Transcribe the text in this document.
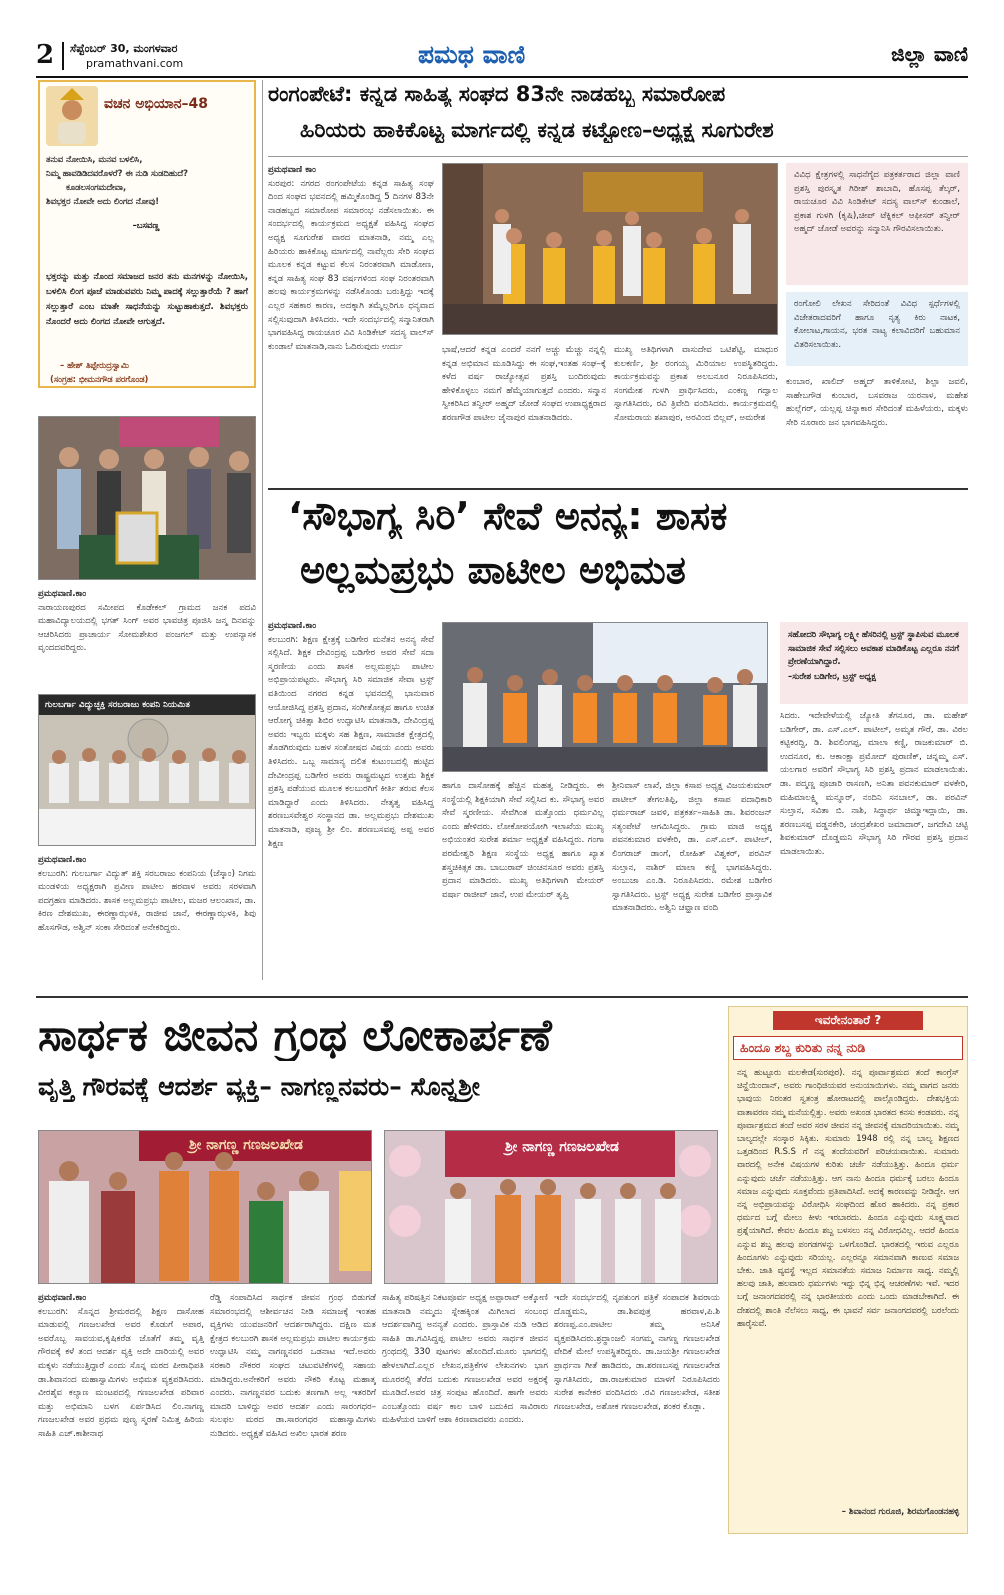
2 ಸೆಪ್ಟೆಂಬರ್ 30, ಮಂಗಳವಾರ
pramathvani.com	ಪಮಥ ವಾಣಿ	ಜಿಲ್ಲಾ ವಾಣಿ
ವಚನ ಅಭಿಯಾನ–48
ತನುವ ನೋಯಿಸಿ, ಮನವ ಬಳಲಿಸಿ,
ನಿಮ್ಮ ಹಾವಡಿಡಿದವರೊಳರೆ? ಈ ನುಡಿ ಸುಡದಿಹುದೆ?
ಕೂಡಲಸಂಗಮದೇವಾ,
ಶಿವಭಕ್ತರ ನೋವೇ ಅದು ಲಿಂಗದ ನೋವು!
–ಬಸವಣ್ಣ
ಭಕ್ತರನ್ನು ಮತ್ತು ನೊಂದ ಸಮಾಜದ ಜನರ ತನು ಮನಗಳನ್ನು ನೋಯಿಸಿ, ಬಳಲಿಸಿ ಲಿಂಗ ಪೂಜೆ ಮಾಡುವವರು ನಿಮ್ಮ ಪಾದಕ್ಕೆ ಸಲ್ಲುತ್ತಾರೆಯೆ ? ಹಾಗೆ ಸಲ್ಲುತ್ತಾರೆ ಎಂಬ ಮಾತೇ ಸಾಧನೆಯನ್ನು ಸುಟ್ಟುಹಾಕುತ್ತದೆ. ಶಿವಭಕ್ತರು ನೊಂದರೆ ಅದು ಲಿಂಗದ ನೋವೇ ಆಗುತ್ತದೆ.
– ಹೇಶ್ ತಿಪ್ಪೇರುದ್ರಸ್ವಾಮಿ
(ಸಂಗ್ರಹ: ಭೀಮನಗೌಡ ಪರಗೊಂಡ)
ರಂಗಂಪೇಟೆ: ಕನ್ನಡ ಸಾಹಿತ್ಯ ಸಂಘದ 83ನೇ ನಾಡಹಬ್ಬ ಸಮಾರೋಪ
ಹಿರಿಯರು ಹಾಕಿಕೊಟ್ಟ ಮಾರ್ಗದಲ್ಲಿ ಕನ್ನಡ ಕಟ್ಟೋಣ–ಅಧ್ಯಕ್ಷ ಸೂಗುರೇಶ
ಪ್ರಮಥವಾಣಿ ಕಾಂ
ಸುರಪುರ: ನಗರದ ರಂಗಂಪೇಟೆಯ ಕನ್ನಡ ಸಾಹಿತ್ಯ ಸಂಘ ದಿಂದ ಸಂಘದ ಭವನದಲ್ಲಿ ಹಮ್ಮಿಕೊಂಡಿದ್ದ 5 ದಿನಗಳ 83ನೇ ನಾಡಹಬ್ಬದ ಸಮಾರೋಪ ಸಮಾರಂಭ ನಡೆಸಲಾಯಿತು. ಈ ಸಂದರ್ಭದಲ್ಲಿ ಕಾರ್ಯಕ್ರಮದ ಅಧ್ಯಕ್ಷತೆ ವಹಿಸಿದ್ದ ಸಂಘದ ಅಧ್ಯಕ್ಷ ಸೂಗುರೇಶ ವಾರದ ಮಾತನಾಡಿ, ನಮ್ಮ ಎಲ್ಲ ಹಿರಿಯರು ಹಾಕಿಕೊಟ್ಟ ಮಾರ್ಗದಲ್ಲಿ ನಾವೆಲ್ಲರು ಸೇರಿ ಸಂಘದ ಮೂಲಕ ಕನ್ನಡ ಕಟ್ಟುವ ಕೆಲಸ ನಿರಂತರವಾಗಿ ಮಾಡೋಣ, ಕನ್ನಡ ಸಾಹಿತ್ಯ ಸಂಘ 83 ವರ್ಷಗಳಿಂದ ಸಂಘ ನಿರಂತರವಾಗಿ ಹಲವು ಕಾರ್ಯಕ್ರಮಗಳನ್ನು ನಡೆಸಿಕೊಂಡು ಬರುತ್ತಿದ್ದು ಇದಕ್ಕೆ ಎಲ್ಲರ ಸಹಕಾರ ಕಾರಣ, ಅದಕ್ಕಾಗಿ ತಮ್ಮೆಲ್ಲರಿಗೂ ಧನ್ಯವಾದ ಸಲ್ಲಿಸುವುದಾಗಿ ತಿಳಿಸಿದರು. ಇದೇ ಸಂದರ್ಭದಲ್ಲಿ ಸನ್ಮಾನಿತರಾಗಿ ಭಾಗವಹಿಸಿದ್ದ ರಾಯಚೂರ ವಿವಿ ಸಿಂಡಿಕೇಟ್ ಸದಸ್ಯ ವಾಲ್‌ಸ್ ಕುಂಡಾಲೆ ಮಾತನಾಡಿ,ನಾನು ಓದಿರುವುದು ಉರ್ದು	ಭಾಷೆ,ಆದರೆ ಕನ್ನಡ ಎಂದರೆ ನನಗೆ ಅಚ್ಚು ಮೆಚ್ಚು ನನ್ನಲ್ಲಿ ಕನ್ನಡ ಅಭಿಮಾನ ಮೂಡಿಸಿದ್ದು ಈ ಸಂಘ,ಇಂತಹ ಸಂಘ–ಕ್ಕೆ ಕಳೆದ ವರ್ಷ ರಾಜ್ಯೋತ್ಸವ ಪ್ರಶಸ್ತಿ ಬಂದಿರುವುದು ಹೇಳಿಕೊಳ್ಳಲು ನಮಗೆ ಹೆಮ್ಮೆಯಾಗುತ್ತದೆ ಎಂದರು. ಸನ್ಮಾನ ಸ್ವೀಕರಿಸಿದ ತನ್ವೀರ್ ಅಹ್ಮದ್ ಜೋಡೆ ಸಂಘದ ಉಪಾಧ್ಯಕ್ಷರಾದ ಶರಣಗೌಡ ಪಾಟೀಲ ಜೈನಾಪುರ ಮಾತನಾಡಿದರು.
ಮುಖ್ಯ ಅತಿಥಿಗಳಾಗಿ ವಾಸುದೇವ ಒಟಿಶೆಟ್ಟಿ, ಮಾಧುರ ಕುಲಕರ್ಣಿ, ಶ್ರೀ ರಂಗಯ್ಯ ಮಿರಿಯಾಲ ಉಪಸ್ಥಿತರಿದ್ದರು. ಕಾರ್ಯಕ್ರಮವನ್ನು ಪ್ರಕಾಶ ಅಲಬನೂರ ನಿರೂಪಿಸಿದರು, ಸಂಗಮೇಶ ಗುಳಗಿ ಪ್ರಾರ್ಥಿಸಿದರು, ಎಂಕಣ್ಣ ಗದ್ವಾಲ ಸ್ವಾಗತಿಸಿದರು, ರವಿ ತ್ರಿವೇದಿ ವಂದಿಸಿದರು. ಕಾರ್ಯಕ್ರಮದಲ್ಲಿ ಸೋಮರಾಯ ಶಖಾಪುರ, ಅರವಿಂದ ಬಿಲ್ಲವ್, ಅಮರೇಶ
ವಿವಿಧ ಕ್ಷೇತ್ರಗಳಲ್ಲಿ ಸಾಧನೆಗೈದ ಪತ್ರಕರ್ತರಾದ ಜಿಲ್ಲಾ ವಾಣಿ ಪ್ರಶಸ್ತಿ ಪುರಸ್ಕೃತ ಗಿರೀಶ್ ಶಾಬಾದಿ, ಹೊಸಪ್ಪ ತೆಲ್ಕರ್, ರಾಯಚೂರ ವಿವಿ ಸಿಂಡಿಕೇಟ್ ಸದಸ್ಯ ವಾಲ್‌ಸ್ ಕುಂಡಾಲೆ, ಪ್ರಕಾಶ ಗುಳಗಿ (ಕೃಷಿ),ಚೀಪ್ ಟೆಕ್ನಿಕಲ್ ಆಫೀಸರ್ ತನ್ವೀರ್ ಅಹ್ಮದ್ ಜೋಡೆ ಅವರನ್ನು ಸನ್ಮಾನಿಸಿ ಗೌರವಿಸಲಾಯಿತು.
ರಂಗೋಲಿ ಲೇಖನ ಸೇರಿದಂತೆ ವಿವಿಧ ಸ್ಪರ್ಧೆಗಳಲ್ಲಿ ವಿಜೇತರಾದವರಿಗೆ ಹಾಗೂ ನೃತ್ಯ ಕಿರು ನಾಟಕ, ಕೋಲಾಟ,ಗಾಯನ, ಭರತ ನಾಟ್ಯ ಕಲಾವಿದರಿಗೆ ಬಹುಮಾನ ವಿತರಿಸಲಾಯಿತು.
ಕುಂಬಾರ, ಖಾಲಿದ್ ಅಹ್ಮದ್ ತಾಳಿಕೋಟಿ, ಶಿಲ್ಪಾ ಜವಲಿ, ಸಾಹೇಬಗೌಡ ಕುಂಬಾರ, ಬಸವರಾಜ ಯರನಾಳ, ಮಹೇಶ ಹುಲ್ಲೆಗರ್, ಯಲ್ಲಪ್ಪ ಚಿನ್ನಾಕಾರ ಸೇರಿದಂತೆ ಮಹಿಳೆಯರು, ಮಕ್ಕಳು ಸೇರಿ ನೂರಾರು ಜನ ಭಾಗವಹಿಸಿದ್ದರು.
ಪ್ರಮಥವಾಣಿ.ಕಾಂ
ನಾರಾಯಣಪುರದ ಸಮೀಪದ ಕೊಡೇಕಲ್ ಗ್ರಾಮದ ಜನಕ ಪದವಿ ಮಹಾವಿದ್ಯಾಲಯದಲ್ಲಿ ಭಗತ್ ಸಿಂಗ್ ಅವರ ಭಾವಚಿತ್ರ ಪೂಜಿಸಿ ಜನ್ಮ ದಿನವನ್ನು ಆಚರಿಸಿದರು ಪ್ರಾಚಾರ್ಯ ಸೋಮಶೇಖರ ಪಂಜಗಲ್ ಮತ್ತು ಉಪನ್ಯಾಸಕ ವೃಂದದವರಿದ್ದರು.
ಗುಲಬರ್ಗಾ ವಿದ್ಯುಚ್ಛಕ್ತಿ ಸರಬರಾಜು ಕಂಪನಿ ನಿಯಮಿತ
ಪ್ರಮಥವಾಣಿ.ಕಾಂ
ಕಲಬುರಗಿ: ಗುಲಬರ್ಗಾ ವಿದ್ಯುತ್ ಶಕ್ತಿ ಸರಬರಾಜು ಕಂಪನಿಯ (ಜೆಸ್ಕಾಂ) ನಿಗಮ ಮಂಡಳಿಯ ಅಧ್ಯಕ್ಷರಾಗಿ ಪ್ರವೀಣ ಪಾಟೀಲ ಹರವಾಳ ಅವರು ಸರಳವಾಗಿ ಪದಗ್ರಹಣ ಮಾಡಿದರು. ಶಾಸಕ ಅಲ್ಲಮಪ್ರಭು ಪಾಟೀಲ, ಮಜರ ಆಲಂಖಾನ, ಡಾ. ಕಿರಣ ದೇಶಮುಖ, ಈರಣ್ಣಾಝಳಕಿ, ರಾಜೀವ ಜಾನೆ, ಈರಣ್ಣಾಝಳಕಿ, ಶಿವು ಹೊಸಗೌಡ, ಅಶ್ವಿನ್ ಸಂಕಾ ಸೇರಿದಂತೆ ಅನೇಕರಿದ್ದರು.
‘ಸೌಭಾಗ್ಯ ಸಿರಿ’ ಸೇವೆ ಅನನ್ಯ: ಶಾಸಕ
ಅಲ್ಲಮಪ್ರಭು ಪಾಟೀಲ ಅಭಿಮತ
ಪ್ರಮಥವಾಣಿ.ಕಾಂ
ಕಲಬುರಗಿ: ಶಿಕ್ಷಣ ಕ್ಷೇತ್ರಕ್ಕೆ ಬಡಿಗೇರ ಮನೆತನ ಅನನ್ಯ ಸೇವೆ ಸಲ್ಲಿಸಿದೆ. ಶಿಕ್ಷಕ ದೇವಿಂದ್ರಪ್ಪ ಬಡಿಗೇರ ಅವರ ಸೇವೆ ಸದಾ ಸ್ಮರಣೀಯ ಎಂದು ಶಾಸಕ ಅಲ್ಲಮಪ್ರಭು ಪಾಟೀಲ ಅಭಿಪ್ರಾಯಪಟ್ಟರು. ಸೌಭಾಗ್ಯ ಸಿರಿ ಸಮಾಜಿಕ ಸೇವಾ ಟ್ರಸ್ಟ್ ವತಿಯಿಂದ ನಗರದ ಕನ್ನಡ ಭವನದಲ್ಲಿ ಭಾನುವಾರ ಆಯೋಜಿಸಿದ್ದ ಪ್ರಶಸ್ತಿ ಪ್ರದಾನ, ಸಂಗೀತೋತ್ಸವ ಹಾಗೂ ಉಚಿತ ಆರೋಗ್ಯ ಚಿಕಿತ್ಸಾ ಶಿಬಿರ ಉದ್ಘಾಟಿಸಿ ಮಾತನಾಡಿ, ದೇವಿಂದ್ರಪ್ಪ ಅವರು ಇಬ್ಬರು ಮಕ್ಕಳು ಸಹ ಶಿಕ್ಷಣ, ಸಾಮಾಜಿಕ ಕ್ಷೇತ್ರದಲ್ಲಿ ತೊಡಗಿರುವುದು ಬಹಳ ಸಂತೋಷದ ವಿಷಯ ಎಂದು ಅವರು ತಿಳಿಸಿದರು. ಒಬ್ಬ ಸಾಮಾನ್ಯ ದಲಿತ ಕುಟುಂಬದಲ್ಲಿ ಹುಟ್ಟಿದ ದೇವೀಂದ್ರಪ್ಪ ಬಡಿಗೇರ ಅವರು ರಾಷ್ಟ್ರಮಟ್ಟದ ಉತ್ತಮ ಶಿಕ್ಷಕ ಪ್ರಶಸ್ತಿ ಪಡೆಯುವ ಮೂಲಕ ಕಲಬುರಗಿಗೆ ಕೀರ್ತಿ ತರುವ ಕೆಲಸ ಮಾಡಿದ್ದಾರೆ ಎಂದು ತಿಳಿಸಿದರು. ನೇತೃತ್ವ ವಹಿಸಿದ್ದ ಶರಣಬಸವೇಶ್ವರ ಸಂಸ್ಥಾನದ ಡಾ. ಅಲ್ಲಮಪ್ರಭು ದೇಶಮುಖ ಮಾತನಾಡಿ, ಪೂಜ್ಯ ಶ್ರೀ ಲಿಂ. ಶರಣಬಸವಪ್ಪ ಅಪ್ಪ ಅವರ ಶಿಕ್ಷಣ
ಹಾಗೂ ದಾಸೋಹಕ್ಕೆ ಹೆಚ್ಚಿನ ಮಹತ್ವ ನೀಡಿದ್ದರು. ಈ ಸಂಸ್ಥೆಯಲ್ಲಿ ಶಿಕ್ಷಕಿಯಾಗಿ ಸೇವೆ ಸಲ್ಲಿಸಿದ ಕು. ಸೌಭಾಗ್ಯ ಅವರ ಸೇವೆ ಸ್ಮರಣೀಯ. ಸೇವೆಗಿಂತ ಮತ್ತೊಂದು ಧರ್ಮವಿಲ್ಲ ಎಂದು ಹೇಳಿದರು. ಲೋಕೋಪಯೋಗಿ ಇಲಾಖೆಯ ಮುಖ್ಯ ಅಭಿಯಂತರ ಸುರೇಶ ಶರ್ಮಾ ಅಧ್ಯಕ್ಷತೆ ವಹಿಸಿದ್ದರು. ಗಂಗಾ ಪರಮೇಶ್ವರಿ ಶಿಕ್ಷಣ ಸಂಸ್ಥೆಯ ಅಧ್ಯಕ್ಷ ಹಾಗೂ ಖ್ಯಾತ ಶಸ್ತ್ರಚಿಕಿತ್ಸಕ ಡಾ. ಬಾಬುರಾವ್ ಚಿಂಚನಸೂರ ಅವರು ಪ್ರಶಸ್ತಿ ಪ್ರದಾನ ಮಾಡಿದರು. ಮುಖ್ಯ ಅತಿಥಿಗಳಾಗಿ ಮೇಯರ್ ವರ್ಷಾ ರಾಜೀವ್ ಜಾನೆ, ಉಪ ಮೇಯರ್ ತೃಪ್ತಿ
ಶ್ರೀನಿವಾಸ್ ಲಾಖೆ, ಜಿಲ್ಲಾ ಕಸಾಪ ಅಧ್ಯಕ್ಷ ವಿಜಯಕುಮಾರ್ ಪಾಟೀಲ್ ತೇಗಲತಿಪ್ಪಿ, ಜಿಲ್ಲಾ ಕಸಾಪ ಪದಾಧಿಕಾರಿ ಧರ್ಮರಾಜ್ ಜವಳಿ, ಪತ್ರಕರ್ತ–ಸಾಹಿತಿ ಡಾ. ಶಿವರಂಜನ್ ಸತ್ಯಂಪೇಟೆ ಆಗಮಿಸಿದ್ದರು. ಗ್ರಾಮ ಮಾಜಿ ಅಧ್ಯಕ್ಷ ಪವನಕುಮಾರ ವಳಕೇರಿ, ಡಾ. ಎಸ್.ಎಲ್. ಪಾಟೀಲ್, ಲಿಂಗರಾಜ್ ಡಾಂಗೆ, ರೋಹಿತ್ ವಿಶ್ವಕರ್, ಪರವಿನ್ ಸುಲ್ತಾನ, ನಾಶಿರ್ ಮಾಲಾ ಕಣ್ಣಿ ಭಾಗವಹಿಸಿದ್ದರು. ಅಂಬುಜಾ ಎಂ.ಡಿ. ನಿರೂಪಿಸಿದರು. ರಮೇಶ ಬಡಿಗೇರ ಸ್ವಾಗತಿಸಿದರು. ಟ್ರಸ್ಟ್ ಅಧ್ಯಕ್ಷ ಸುರೇಶ ಬಡಿಗೇರ ಪ್ರಾಸ್ತಾವಿಕ ಮಾತನಾಡಿದರು. ಅಶ್ವಿನಿ ಚವ್ಹಾಣ ವಂದಿ
ಸಹೋದರಿ ಸೌಭಾಗ್ಯ ಲಕ್ಷ್ಮೀ ಹೆಸರಿನಲ್ಲಿ ಟ್ರಸ್ಟ್ ಸ್ಥಾಪಿಸುವ ಮೂಲಕ ಸಾಮಾಜಿಕ ಸೇವೆ ಸಲ್ಲಿಸಲು ಅವಕಾಶ ಮಾಡಿಕೊಟ್ಟ ಎಲ್ಲರೂ ನನಗೆ ಪ್ರೇರಣೆಯಾಗಿದ್ದಾರೆ.
–ಸುರೇಶ ಬಡಿಗೇರ, ಟ್ರಸ್ಟ್ ಅಧ್ಯಕ್ಷ
ಸಿದರು. ಇದೇವೇಳೆಯಲ್ಲಿ ಜ್ಯೋತಿ ತೆಗನೂರ, ಡಾ. ಮಹೇಶ್ ಬಡಿಗೇರ್, ಡಾ. ಎಸ್.ಎಲ್. ಪಾಟೀಲ್, ಅಮೃತ ಗೌರೆ, ಡಾ. ವಿಠಲ ಕಟ್ಟಿಕರದ್ದಿ, ಡಿ. ಶಿವಲಿಂಗಪ್ಪ, ಮಾಲಾ ಕಣ್ಣಿ, ರಾಜಕುಮಾರ್ ಬಿ. ಉದನೂರ, ಕು. ಆಕಾಂಕ್ಷಾ ಪ್ರಮೋದ್ ಪುರಾಣಿಕ್, ಚನ್ನಮ್ಮ ಎಸ್. ಯಲಗಾರ ಅವರಿಗೆ ಸೌಭಾಗ್ಯ ಸಿರಿ ಪ್ರಶಸ್ತಿ ಪ್ರದಾನ ಮಾಡಲಾಯಿತು. ಡಾ. ಪದ್ಮಣ್ಣ ಪೂಜಾರಿ ರಾಸಣಗಿ, ಅನಿತಾ ಪವನಕುಮಾರ್ ವಳಕೇರಿ, ಮಹಿಮಾಲಕ್ಷ್ಮಿ ಮನ್ನೂರ್, ನಂದಿನಿ ಸನಬಾಲ್, ಡಾ. ಪರವಿನ್ ಸುಲ್ತಾನ, ಸವಿತಾ ಬಿ. ನಾಶಿ, ಸಿದ್ಧಾರ್ಥ ಚಿಮ್ಮಾಇದ್ಲಾಯಿ, ಡಾ. ಶರಣಬಸಪ್ಪ ವಡ್ಡನಕೇರಿ, ಚಂದ್ರಶೇಖರ ಜಮಾದಾರ್, ಜಗದೇವಿ ಚಟ್ಟಿ ಶಿವಕುಮಾರ್ ದೊಡ್ಡಮನಿ ಸೌಭಾಗ್ಯ ಸಿರಿ ಗೌರವ ಪ್ರಶಸ್ತಿ ಪ್ರದಾನ ಮಾಡಲಾಯಿತು.
ಸಾರ್ಥಕ ಜೀವನ ಗ್ರಂಥ ಲೋಕಾರ್ಪಣೆ
ವೃತ್ತಿ ಗೌರವಕ್ಕೆ ಆದರ್ಶ ವ್ಯಕ್ತಿ– ನಾಗಣ್ಣನವರು– ಸೊನ್ನಶ್ರೀ
ಶ್ರೀ ನಾಗಣ್ಣ ಗಣಜಲಖೇಡ	ಶ್ರೀ ನಾಗಣ್ಣ ಗಣಜಲಖೇಡ
ಪ್ರಮಥವಾಣಿ.ಕಾಂ
ಕಲಬುರಗಿ: ಸೊನ್ನದ ಶ್ರೀಮಠದಲ್ಲಿ ಶಿಕ್ಷಣ ದಾಸೋಹ ಮಾಡುವಲ್ಲಿ ಗಣಜಲಖೇಡ ಅವರ ಕೊಡುಗೆ ಅಪಾರ, ಅವರೊಬ್ಬ ಸಾವಯವ,ಕೃಷಿಕರೆಡ ಜೊತೆಗೆ ತಮ್ಮ ವೃತ್ತಿ ಗೌರವಕ್ಕೆ ಕಳೆ ತಂದ ಆದರ್ಶ ವ್ಯಕ್ತಿ ಅದೇ ದಾರಿಯಲ್ಲಿ ಅವರ ಮಕ್ಕಳು ನಡೆಯುತ್ತಿದ್ದಾರೆ ಎಂದು ಸೊನ್ನ ಮಠದ ಪೀಠಾಧಿಪತಿ ಡಾ.ಶಿವಾನಂದ ಮಹಾಸ್ವಾಮಿಗಳು ಅಭಿಮತ ವ್ಯಕ್ತಪಡಿಸಿದರು. ವೀರಶೈವ ಕಲ್ಯಾಣ ಮಂಟಪದಲ್ಲಿ ಗಣಜಲಖೇಡ ಪರಿವಾರ ಮತ್ತು ಅಭಿಮಾನಿ ಬಳಗ ಏರ್ಪಡಿಸಿದ ಲಿಂ.ನಾಗಣ್ಣ ಗಣಜಲಖೇಡ ಅವರ ಪ್ರಥಮ ಪುಣ್ಯ ಸ್ಮರಣೆ ನಿಮಿತ್ತ ಹಿರಿಯ ಸಾಹಿತಿ ಎಚ್.ಕಾಶೀನಾಥ
ರೆಡ್ಡಿ ಸಂಪಾದಿಸಿದ ಸಾರ್ಥಕ ಜೀವನ ಗ್ರಂಥ ಬಿಡುಗಡೆ ಸಮಾರಂಭದಲ್ಲಿ ಆಶೀರ್ವಚನ ನೀಡಿ ಸಮಾಜಕ್ಕೆ ಇಂತಹ ವ್ಯಕ್ತಿಗಳು ಯುವಜನರಿಗೆ ಆದರ್ಶರಾಗಿದ್ದರು. ದಕ್ಷಿಣ ಮತ ಕ್ಷೇತ್ರದ ಕಲಬುರಗಿ ಶಾಸಕ ಅಲ್ಲಮಪ್ರಭು ಪಾಟೀಲ ಕಾರ್ಯಕ್ರಮ ಉದ್ಘಾಟಿಸಿ ನಮ್ಮ ನಾಗಣ್ಣನವರ ಒಡನಾಟ ಇದೆ.ಅವರು ಸರಕಾರಿ ನೌಕರರ ಸಂಘದ ಚಟುವಟಿಕೆಗಳಲ್ಲಿ ಸಹಾಯ ಮಾಡಿದ್ದರು.ಅನೇಕರಿಗೆ ಅವರು ನೌಕರಿ ಕೊಟ್ಟ ಮಹಾತ್ಮ ಎಂದರು. ನಾಗಣ್ಣನವರ ಬದುಕು ತಣಗಾಗಿ ಅಲ್ಲ ಇತರರಿಗೆ ಮಾದರಿ ಬಾಳಿದ್ದು ಅವರ ಆದರ್ಶ ಎಂದು ಸಾರಂಗಧರ– ಸುಲಫಲ ಮಠದ ಡಾ.ಸಾರಂಗಧರ ಮಹಾಸ್ವಾಮಿಗಳು ನುಡಿದರು. ಅಧ್ಯಕ್ಷತೆ ವಹಿಸಿದ ಅಖಿಲ ಭಾರತ ಶರಣ
ಸಾಹಿತ್ಯ ಪರಿಷತ್ತಿನ ನಿಕಟಪೂರ್ವ ಅಧ್ಯಕ್ಷ ಅಪ್ಪಾರಾವ್ ಅಕ್ಕೋಣಿ ಮಾತನಾಡಿ ನಮ್ಮದು ಸ್ನೇಹಕ್ಕಿಂತ ಮಿಗಿಲಾದ ಸಂಬಂಧ ಆದರ್ಶವಾಗಿದ್ದ ಅನನ್ಯತೆ ಎಂದರು. ಪ್ರಾಸ್ತಾವಿಕ ನುಡಿ ಆಡಿದ ಸಾಹಿತಿ ಡಾ.ಗವಿಸಿದ್ದಪ್ಪ ಪಾಟೀಲ ಅವರು ಸಾರ್ಥಕ ಜೀವನ ಗ್ರಂಥದಲ್ಲಿ 330 ಪುಟಗಳು ಹೊಂದಿದೆ.ಮೂರು ಭಾಗದಲ್ಲಿ ಹೇಳಲಾಗಿದೆ.ಎಲ್ಲರ ಲೇಖನ,ಪತ್ರಿಕೆಗಳ ಲೇಖನಗಳು ಭಾಗ ಮೂರರಲ್ಲಿ ತೆರೆದ ಬದುಕು ಗಣಜಲಖೇಡ ಅವರ ಅಕ್ಷರಕ್ಕೆ ಮೂಡಿದೆ.ಅವರ ಚಿತ್ರ ಸಂಪುಟ ಹೊಂದಿದೆ. ಹಾಗೇ ಅವರು ಎಂಬತ್ತೊಂದು ವರ್ಷ ಕಾಲ ಬಾಳಿ ಬದುಕಿದ ಸಾವಿರಾರು ಮಹಿಳೆಯರ ಬಾಳಿಗೆ ಆಶಾ ಕಿರಣವಾದವರು ಎಂದರು.
ಇದೇ ಸಂದರ್ಭದಲ್ಲಿ ನೃಪತುಂಗ ಪತ್ರಿಕೆ ಸಂಪಾದಕ ಶಿವರಾಯ ದೊಡ್ಡಮನಿ, ಡಾ.ಶಿವಪುತ್ರ ಹರವಾಳ,ಪಿ.ಶಿ ಶರಣಪ್ಪ.ಎಂ.ಪಾಟೀಲ ತಮ್ಮ ಅನಿಸಿಕೆ ವ್ಯಕ್ತಪಡಿಸಿದರು.ಶ್ರದ್ಧಾಂಜಲಿ ಸಂಗಮ್ಮ ನಾಗಣ್ಣ ಗಣಜಲಖೇಡ ವೇದಿಕೆ ಮೇಲೆ ಉಪಸ್ಥಿತರಿದ್ದರು. ಡಾ.ಜಯಶ್ರೀ ಗಣಜಲಖೇಡ ಪ್ರಾರ್ಥನಾ ಗೀತೆ ಹಾಡಿದರು, ಡಾ.ಶರಣಬಸಪ್ಪ ಗಣಜಲಖೇಡ ಸ್ವಾಗತಿಸಿದರು, ಡಾ.ರಾಜಕುಮಾರ ಮಾಳಗೆ ನಿರೂಪಿಸಿದರು ಸುರೇಶ ಕಾನೇಕರ ವಂದಿಸಿದರು .ರವಿ ಗಣಜಲಖೇಡ, ಸತೀಶ ಗಣಜಲಖೇಡ, ಅಶೋಕ ಗಣಜಲಖೇಡ, ಶಂಕರ ಕೊಡ್ಲಾ.
ಇವರೇನಂತಾರೆ ?
ಹಿಂದೂ ಶಬ್ದ ಕುರಿತು ನನ್ನ ನುಡಿ
ನನ್ನ ಹುಟ್ಟೂರು ಮಲಕೇಡ(ಸುರಪುರ). ನನ್ನ ಪೂರ್ವಾಶ್ರಮದ ತಂದೆ ಕಾಂಗ್ರೆಸ್ ಚಿನ್ಹೆಯಿಂದಾನ್, ಅವರು ಗಾಂಧಿಜಿಯವರ ಅನುಯಾಯಿಗಳು. ನಮ್ಮ ವಾಗದ ಜನರು ಭಾವುಯ ನಿರಂತರ ಸ್ವತಂತ್ರ ಹೋರಾಟದಲ್ಲಿ ಪಾಲ್ಗೊಂಡಿದ್ದರು. ದೇಶಭಕ್ತಿಯ ವಾತಾವರಣ ನಮ್ಮ ಮನೆಯಲ್ಲಿತ್ತು. ಅವರು ಅಖಂಡ ಭಾರತದ ಕನಸು ಕಂಡವರು. ನನ್ನ ಪೂರ್ವಾಶ್ರಮದ ತಂದೆ ಅವರ ಸರಳ ಜೀವನ ನನ್ನ ಜೀವನಕ್ಕೆ ಮಾದರಿಯಾಯಿತು. ನಮ್ಮ ಬಾಲ್ಯದಲ್ಲೇ ಸಂಸ್ಕಾರ ಸಿಕ್ಕಿತು. ಸುಮಾರು 1948 ರಲ್ಲಿ ನನ್ನ ಬಾಲ್ಯ ಶಿಕ್ಷಣದ ಒತ್ತಡದಿಂದ R.S.S ಗೆ ನನ್ನ ತಂದೆಯವರಿಗೆ ಪರಿಚಯವಾಯಿತು. ಸುಮಾರು ವಾರದಲ್ಲಿ ಅನೇಕ ವಿಷಯಗಳ ಕುರಿತು ಚರ್ಚೆ ನಡೆಯುತ್ತಿತ್ತು. ಹಿಂದೂ ಧರ್ಮ ಎನ್ನುವುದು ಚರ್ಚೆ ನಡೆಯುತ್ತಿತ್ತು. ಆಗ ನಾನು ಹಿಂದೂ ಧರ್ಮಕ್ಕೆ ಬರಲು ಹಿಂದೂ ಸಮಾಜ ಎನ್ನುವುದು ಸೂಕ್ತವೆಂದು ಪ್ರತಿಪಾದಿಸಿದೆ. ಅದಕ್ಕೆ ಕಾರಣವನ್ನು ನೀಡಿದ್ದೇ. ಆಗ ನನ್ನ ಅಭಿಪ್ರಾಯವನ್ನು ವಿರೋಧಿಸಿ ಸಂಘದಿಂದ ಹೊರ ಹಾಕಿದರು. ನನ್ನ ಪ್ರಕಾರ ಧರ್ಮದ ಬಗ್ಗೆ ಮೇಲು ಕೀಳು ಇರಬಾರದು. ಹಿಂದೂ ಎನ್ನುವುದು ಸೂಕ್ಷ್ಮವಾದ ಪ್ರಶ್ನೆಯಾಗಿದೆ. ಕೇವಲ ಹಿಂದೂ ಶಬ್ದ ಬಳಸಲು ನನ್ನ ವಿರೋಧವಿಲ್ಲ. ಆದರೆ ಹಿಂದೂ ಎನ್ನುವ ಶಬ್ದ ಹಲವು ಪಂಗಡಗಳನ್ನು ಒಳಗೊಂಡಿದೆ. ಭಾರತದಲ್ಲಿ ಇರುವ ಎಲ್ಲರೂ ಹಿಂದೂಗಳು ಎನ್ನುವುದು ಸರಿಯಲ್ಲ. ಎಲ್ಲರನ್ನೂ ಸಮಾನವಾಗಿ ಕಾಣುವ ಸಮಾಜ ಬೇಕು. ಜಾತಿ ವ್ಯವಸ್ಥೆ ಇಲ್ಲದ ಸಮಾನತೆಯ ಸಮಾಜ ನಿರ್ಮಾಣ ಸಾಧ್ಯ. ನಮ್ಮಲ್ಲಿ ಹಲವು ಜಾತಿ, ಹಲವಾರು ಧರ್ಮಗಳು ಇದ್ದು ಭಿನ್ನ ಭಿನ್ನ ಆಚರಣೆಗಳು ಇವೆ. ಇದರ ಬಗ್ಗೆ ಜನಾಂಗದವರಲ್ಲಿ ನನ್ನ ಭಾರತೀಯರು ಎಂದು ಒಂದು ಮಾಡಬೇಕಾಗಿದೆ. ಈ ದೇಶದಲ್ಲಿ ಶಾಂತಿ ನೆಲೆಸಲು ಸಾಧ್ಯ, ಈ ಭಾವನೆ ಸರ್ವ ಜನಾಂಗದವರಲ್ಲಿ ಬರಲೆಂದು ಹಾರೈಸುವೆ.
– ಶಿವಾನಂದ ಗುರೂಜಿ, ಶಿರಮಗೊಂಡನಹಳ್ಳಿ
